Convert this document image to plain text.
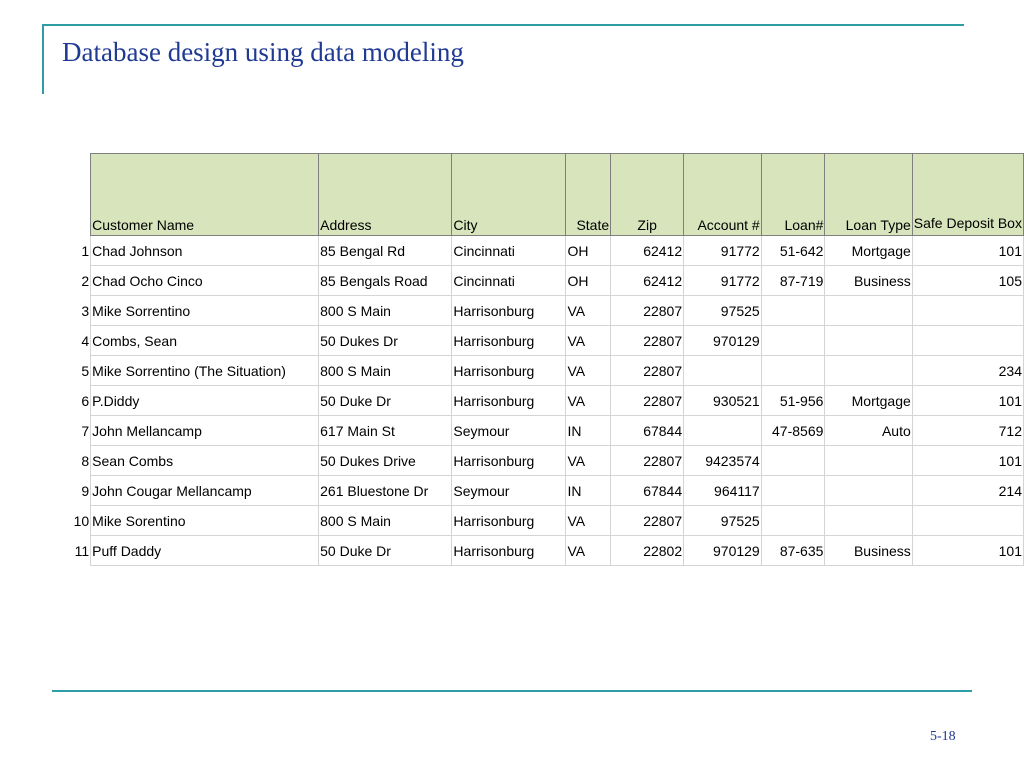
Database design using data modeling
	Customer Name	Address	City	State	Zip	Account #	Loan#	Loan Type	Safe Deposit Box
1	Chad Johnson	85 Bengal Rd	Cincinnati	OH	62412	91772	51-642	Mortgage	101
2	Chad Ocho Cinco	85 Bengals Road	Cincinnati	OH	62412	91772	87-719	Business	105
3	Mike Sorrentino	800 S Main	Harrisonburg	VA	22807	97525			
4	Combs, Sean	50 Dukes Dr	Harrisonburg	VA	22807	970129			
5	Mike Sorrentino (The Situation)	800 S Main	Harrisonburg	VA	22807				234
6	P.Diddy	50 Duke Dr	Harrisonburg	VA	22807	930521	51-956	Mortgage	101
7	John Mellancamp	617 Main St	Seymour	IN	67844		47-8569	Auto	712
8	Sean Combs	50 Dukes Drive	Harrisonburg	VA	22807	9423574			101
9	John Cougar Mellancamp	261 Bluestone Dr	Seymour	IN	67844	964117			214
10	Mike Sorentino	800 S Main	Harrisonburg	VA	22807	97525			
11	Puff Daddy	50 Duke Dr	Harrisonburg	VA	22802	970129	87-635	Business	101
5-18
